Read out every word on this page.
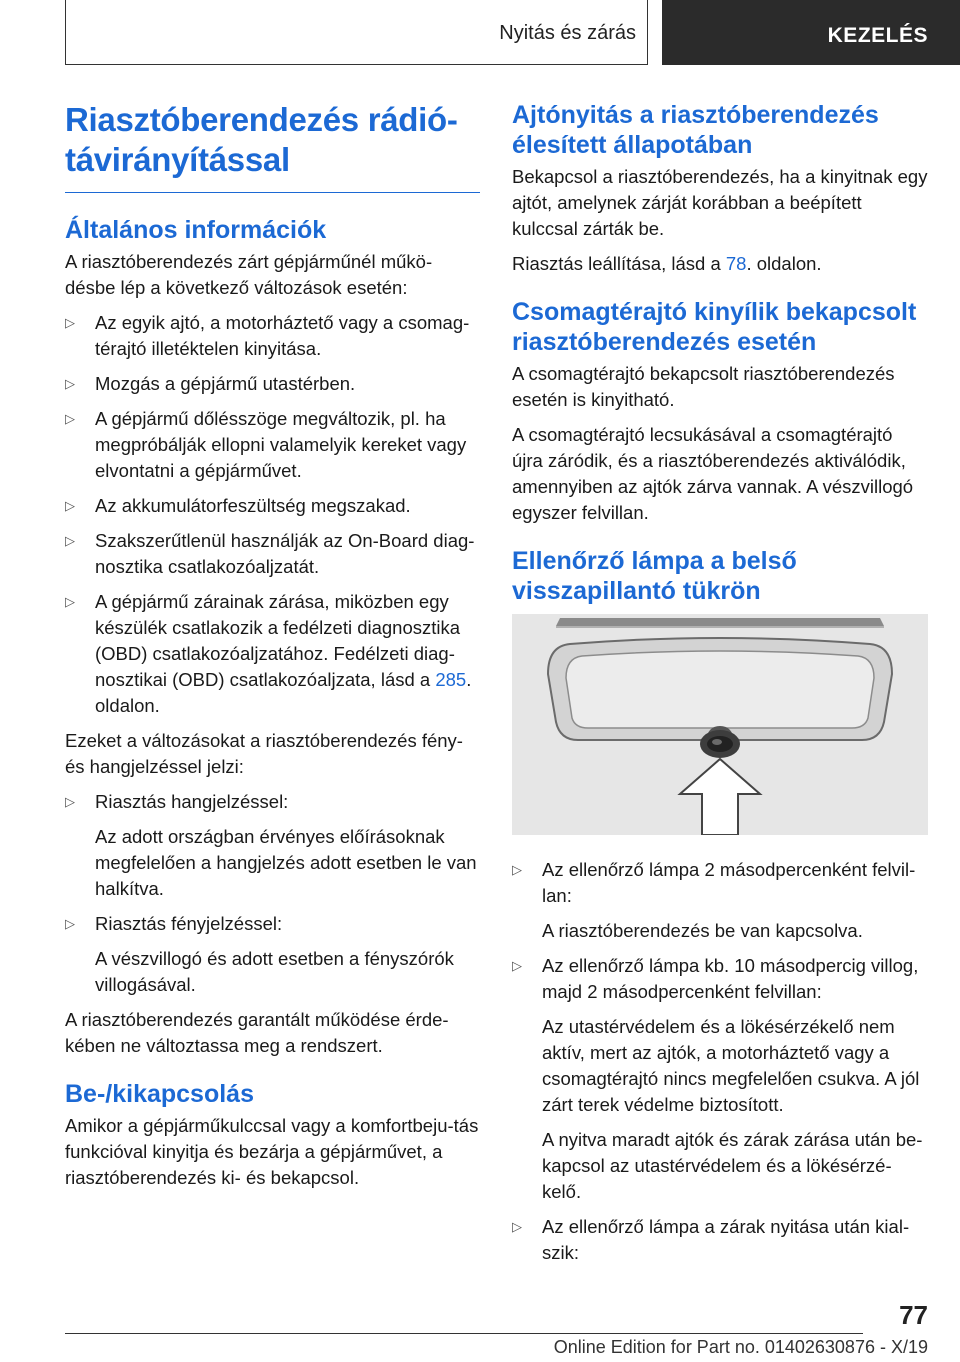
Nyitás és zárás	KEZELÉS
Riasztóberendezés rádió-távirányítással
Általános információk

A riasztóberendezés zárt gépjárműnél műkö-désbe lép a következő változások esetén:

▷ Az egyik ajtó, a motorháztető vagy a csomag-térajtó illetéktelen kinyitása.
▷ Mozgás a gépjármű utastérben.
▷ A gépjármű dőlésszöge megváltozik, pl. ha megpróbálják ellopni valamelyik kereket vagy elvontatni a gépjárművet.
▷ Az akkumulátorfeszültség megszakad.
▷ Szakszerűtlenül használják az On-Board diag-nosztika csatlakozóaljzatát.
▷ A gépjármű zárainak zárása, miközben egy készülék csatlakozik a fedélzeti diagnosztika (OBD) csatlakozóaljzatához. Fedélzeti diag-nosztikai (OBD) csatlakozóaljzata, lásd a 285. oldalon.

Ezeket a változásokat a riasztóberendezés fény- és hangjelzéssel jelzi:

▷ Riasztás hangjelzéssel:
Az adott országban érvényes előírásoknak megfelelően a hangjelzés adott esetben le van halkítva.
▷ Riasztás fényjelzéssel:
A vészvillogó és adott esetben a fényszórók villogásával.

A riasztóberendezés garantált működése érde-kében ne változtassa meg a rendszert.

Be-/kikapcsolás

Amikor a gépjárműkulccsal vagy a komfortbeju-tás funkcióval kinyitja és bezárja a gépjárművet, a riasztóberendezés ki- és bekapcsol.

Ajtónyitás a riasztóberendezés élesített állapotában

Bekapcsol a riasztóberendezés, ha a kinyitnak egy ajtót, amelynek zárját korábban a beépített kulccsal zárták be.

Riasztás leállítása, lásd a 78. oldalon.

Csomagtérajtó kinyílik bekapcsolt riasztóberendezés esetén

A csomagtérajtó bekapcsolt riasztóberendezés esetén is kinyitható.

A csomagtérajtó lecsukásával a csomagtérajtó újra záródik, és a riasztóberendezés aktiválódik, amennyiben az ajtók zárva vannak. A vészvillogó egyszer felvillan.

Ellenőrző lámpa a belső visszapillantó tükrön
▷ Az ellenőrző lámpa 2 másodpercenként felvil-lan:
A riasztóberendezés be van kapcsolva.
▷ Az ellenőrző lámpa kb. 10 másodpercig villog, majd 2 másodpercenként felvillan:
Az utastérvédelem és a lökésérzékelő nem aktív, mert az ajtók, a motorháztető vagy a csomagtérajtó nincs megfelelően csukva. A jól zárt terek védelme biztosított.
A nyitva maradt ajtók és zárak zárása után be-kapcsol az utastérvédelem és a lökésérzé-kelő.
▷ Az ellenőrző lámpa a zárak nyitása után kial-szik:
77
Online Edition for Part no. 01402630876 - X/19
